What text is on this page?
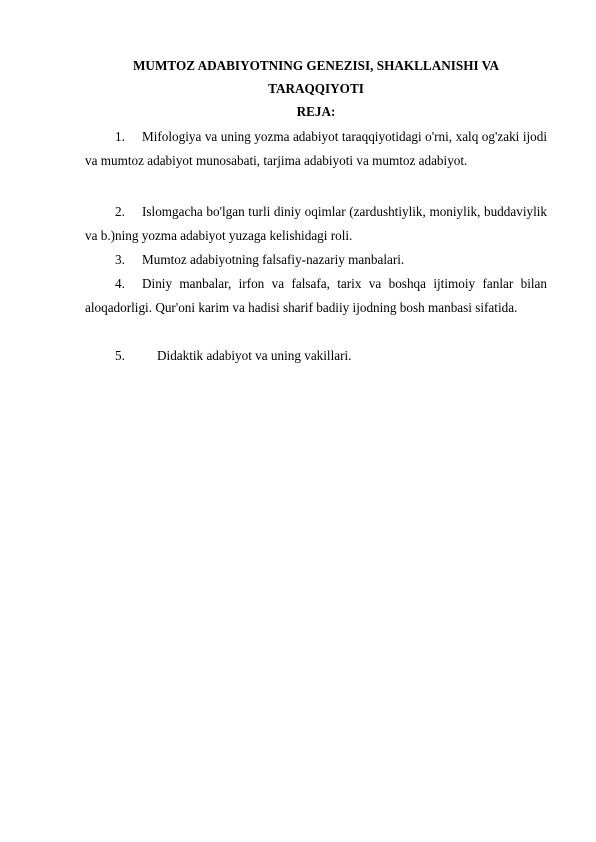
MUMTOZ ADABIYOTNING GENEZISI, SHAKLLANISHI VA
TARAQQIYOTI
REJA:
1. Mifologiya va uning yozma adabiyot taraqqiyotidagi o'rni, xalq og'zaki ijodi va mumtoz adabiyot munosabati, tarjima adabiyoti va mumtoz adabiyot.
2. Islomgacha bo'lgan turli diniy oqimlar (zardushtiylik, moniylik, buddaviylik va b.)ning yozma adabiyot yuzaga kelishidagi roli.
3. Mumtoz adabiyotning falsafiy-nazariy manbalari.
4. Diniy manbalar, irfon va falsafa, tarix va boshqa ijtimoiy fanlar bilan aloqadorligi. Qur'oni karim va hadisi sharif badiiy ijodning bosh manbasi sifatida.
5. Didaktik adabiyot va uning vakillari.
